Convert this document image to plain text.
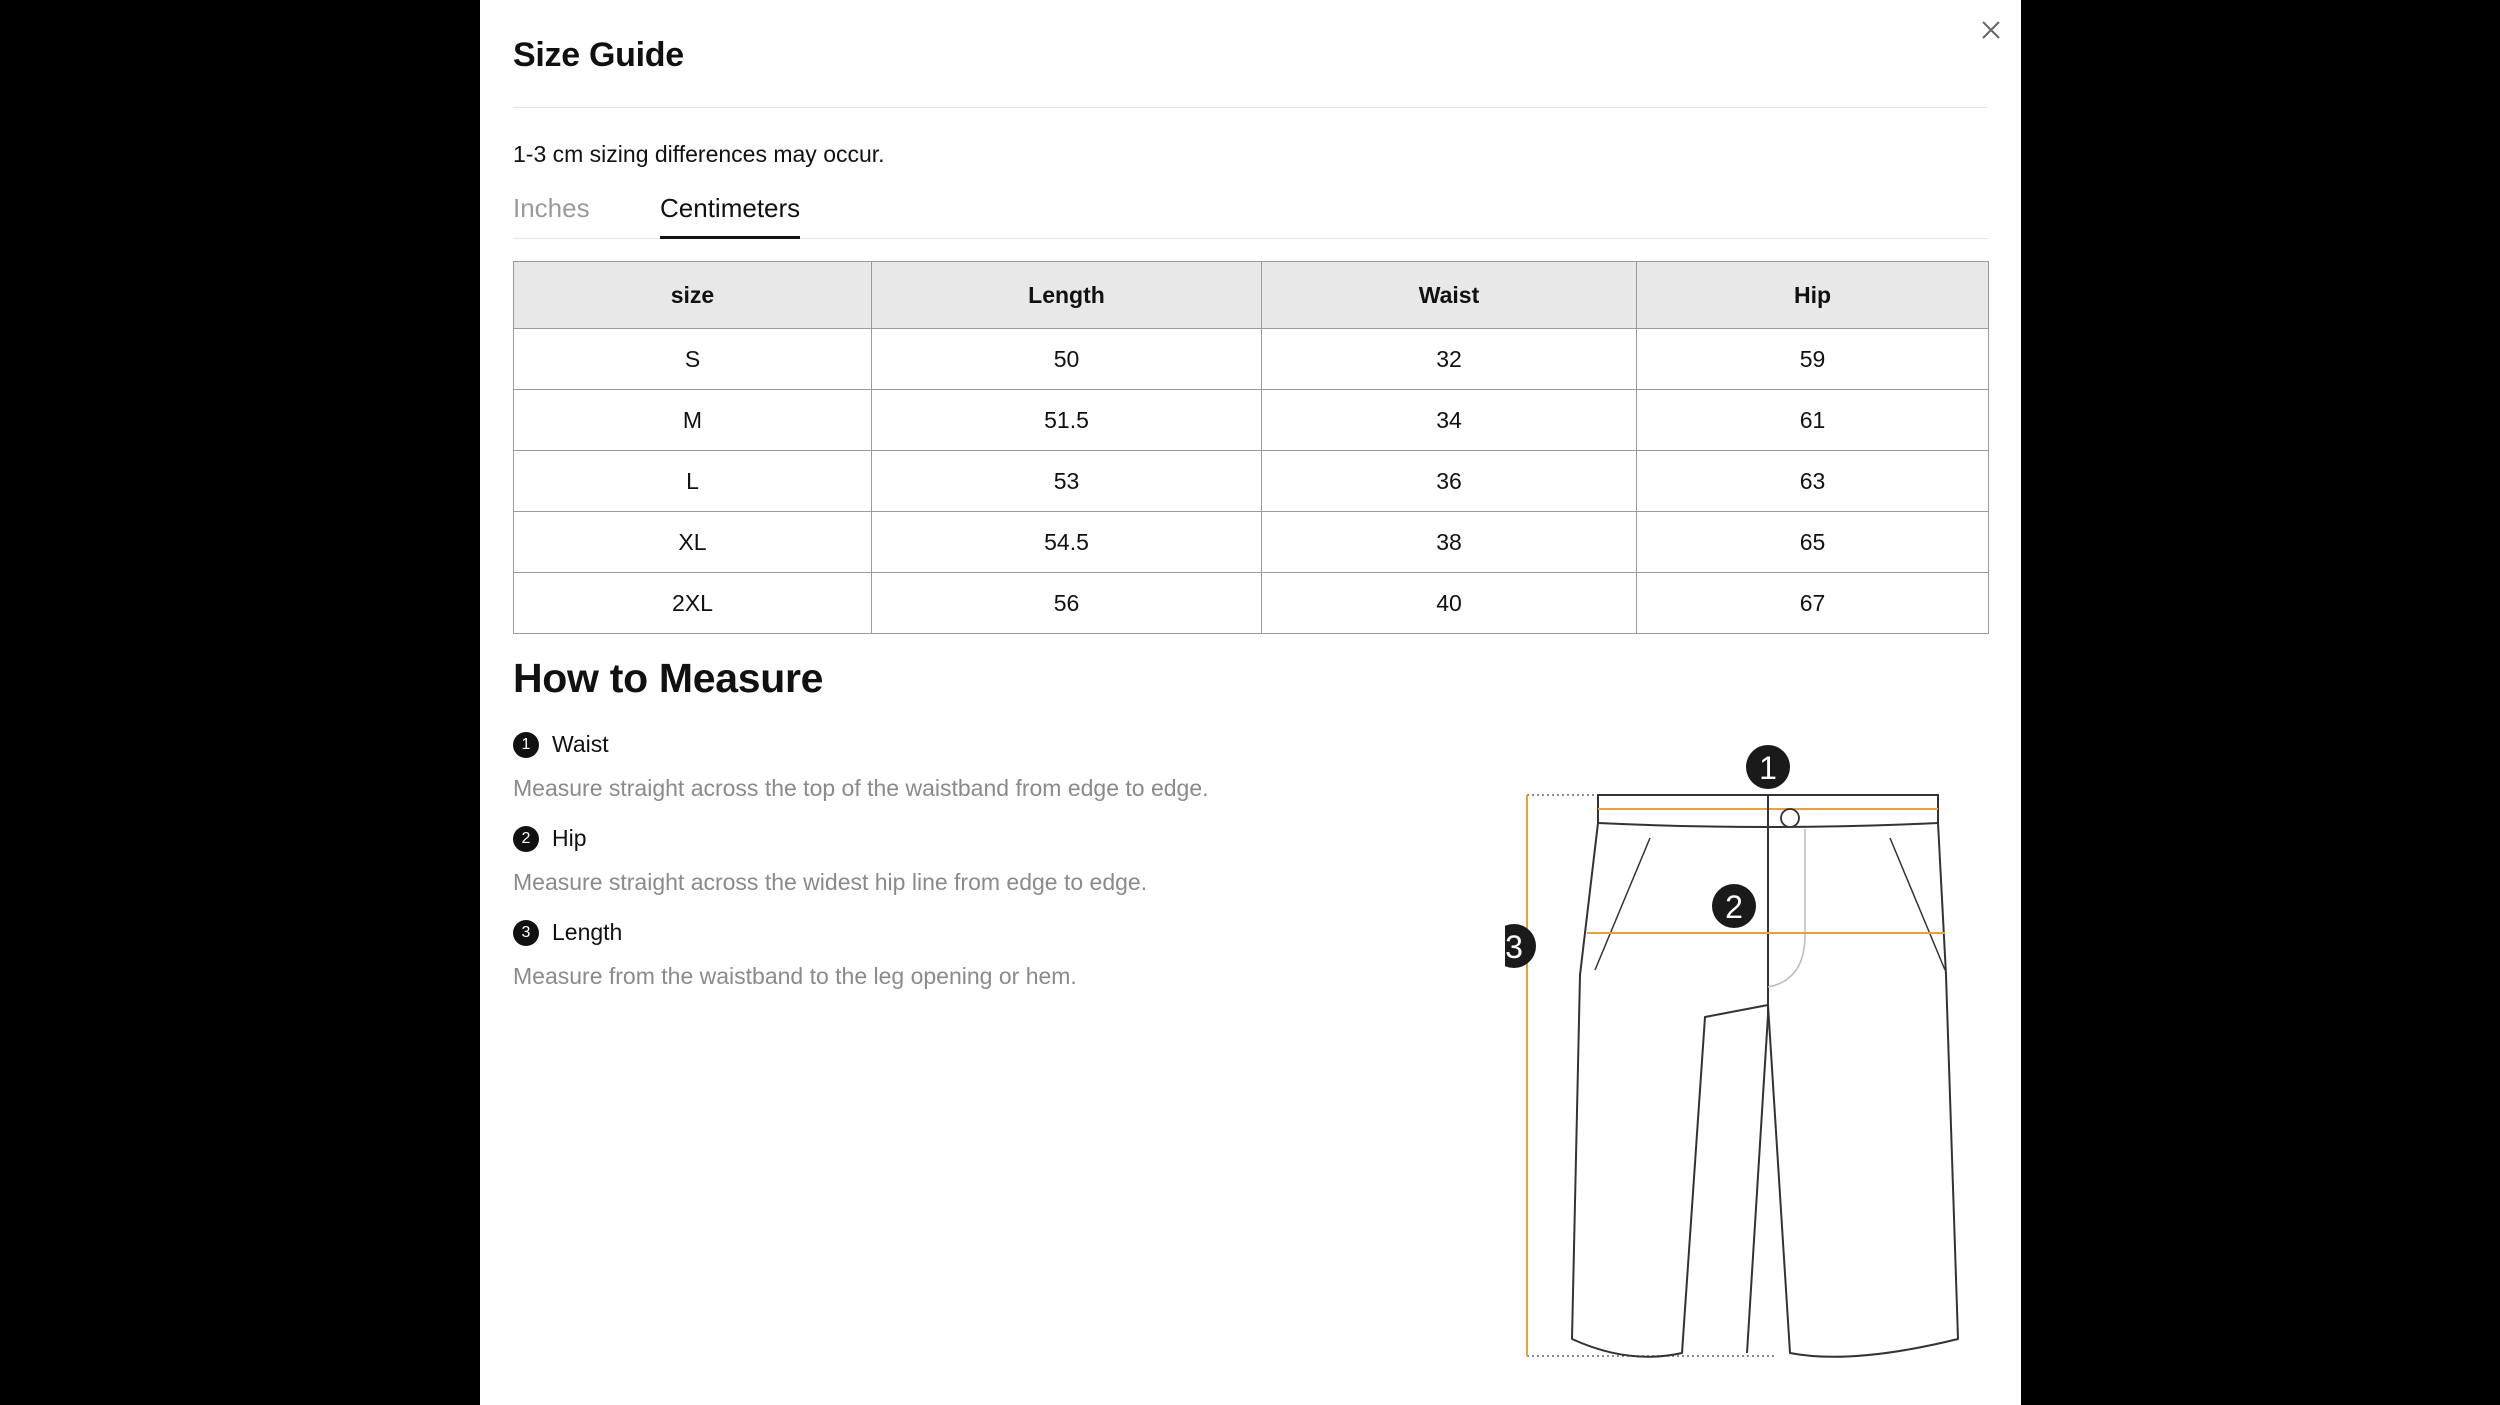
Size Guide
1-3 cm sizing differences may occur.
Inches	Centimeters
size	Length	Waist	Hip
S	50	32	59
M	51.5	34	61
L	53	36	63
XL	54.5	38	65
2XL	56	40	67
How to Measure
1 Waist
Measure straight across the top of the waistband from edge to edge.
2 Hip
Measure straight across the widest hip line from edge to edge.
3 Length
Measure from the waistband to the leg opening or hem.
1
2
3
